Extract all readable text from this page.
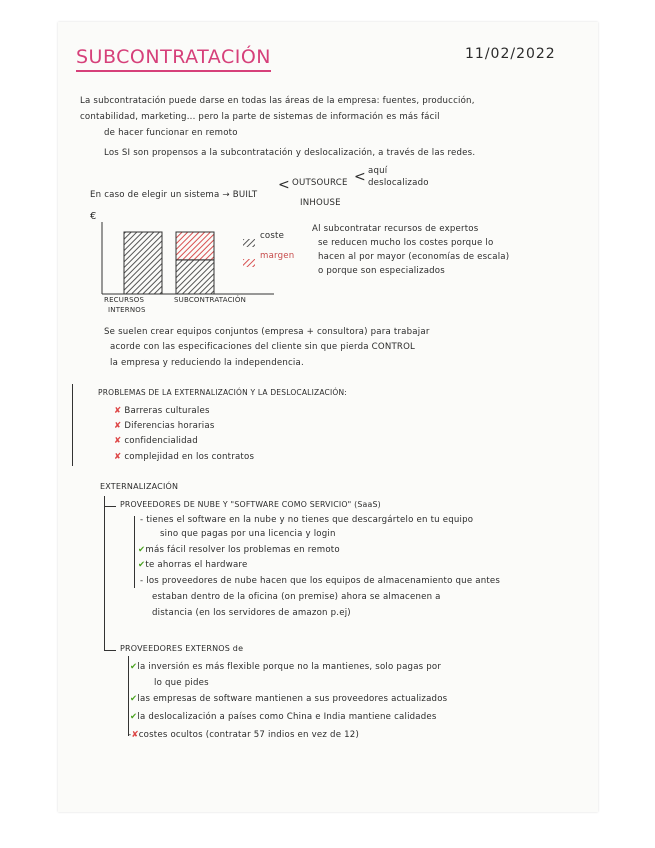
SUBCONTRATACIÓN	11/02/2022
La subcontratación puede darse en todas las áreas de la empresa: fuentes, producción,
contabilidad, marketing... pero la parte de sistemas de información es más fácil
de hacer funcionar en remoto
Los SI son propensos a la subcontratación y deslocalización, a través de las redes.
En caso de elegir un sistema → BUILT
< OUTSOURCE < aquí
deslocalizado
INHOUSE
€
RECURSOS
INTERNOS
SUBCONTRATACIÓN
coste
margen
Al subcontratar recursos de expertos
se reducen mucho los costes porque lo
hacen al por mayor (economías de escala)
o porque son especializados
Se suelen crear equipos conjuntos (empresa + consultora) para trabajar
acorde con las especificaciones del cliente sin que pierda CONTROL
la empresa y reduciendo la independencia.
PROBLEMAS DE LA EXTERNALIZACIÓN Y LA DESLOCALIZACIÓN:
✘ Barreras culturales
✘ Diferencias horarias
✘ confidencialidad
✘ complejidad en los contratos
EXTERNALIZACIÓN
PROVEEDORES DE NUBE Y "SOFTWARE COMO SERVICIO" (SaaS)
- tienes el software en la nube y no tienes que descargártelo en tu equipo
sino que pagas por una licencia y login
✔más fácil resolver los problemas en remoto
✔te ahorras el hardware
- los proveedores de nube hacen que los equipos de almacenamiento que antes
estaban dentro de la oficina (on premise) ahora se almacenen a
distancia (en los servidores de amazon p.ej)
PROVEEDORES EXTERNOS de
✔la inversión es más flexible porque no la mantienes, solo pagas por
lo que pides
✔las empresas de software mantienen a sus proveedores actualizados
✔la deslocalización a países como China e India mantiene calidades
-✘costes ocultos (contratar 57 indios en vez de 12)
